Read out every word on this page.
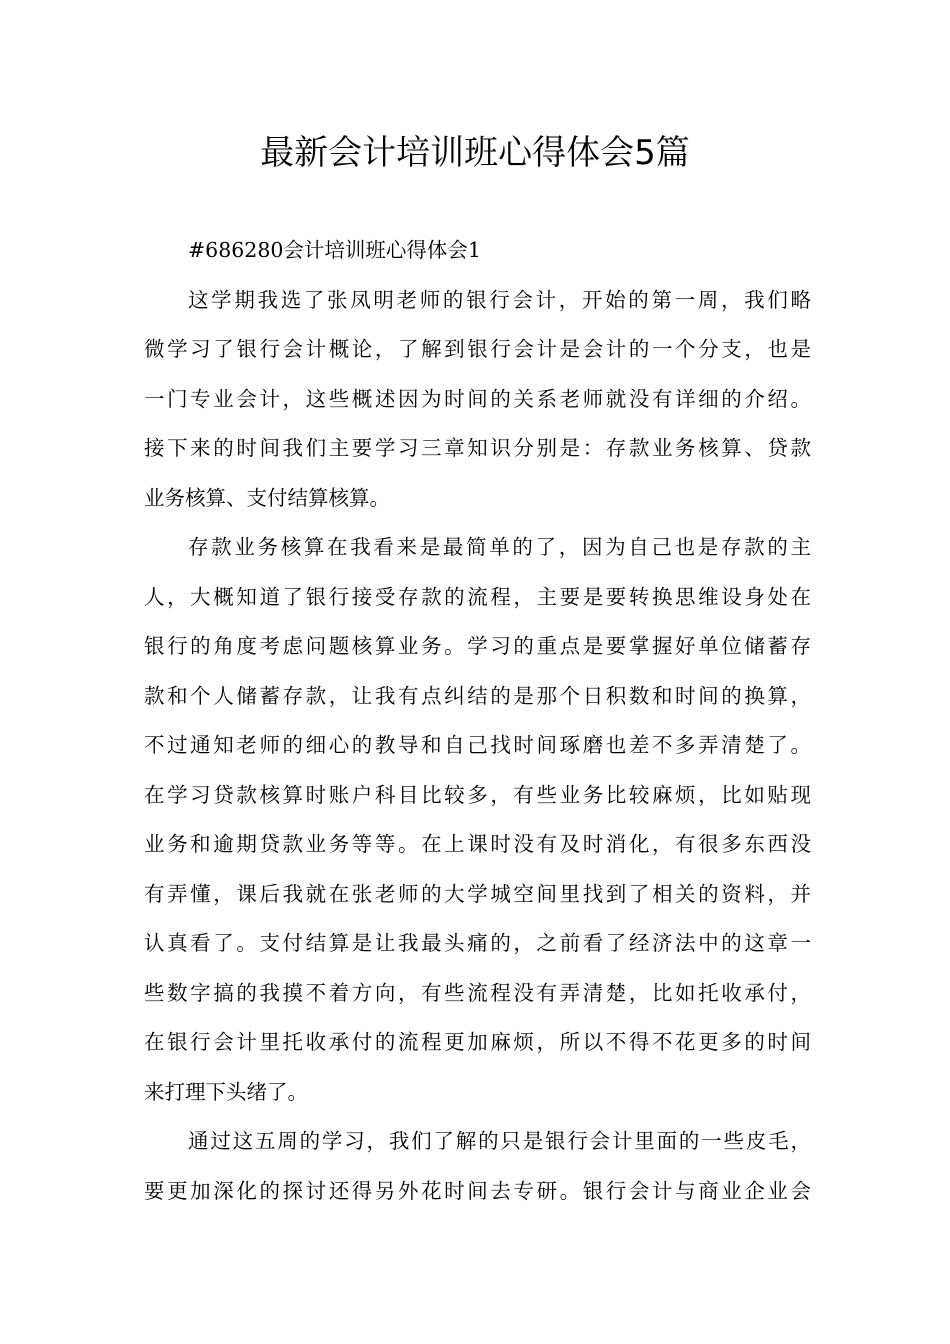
最新会计培训班心得体会5篇

#686280会计培训班心得体会1

这学期我选了张凤明老师的银行会计，开始的第一周，我们略
微学习了银行会计概论，了解到银行会计是会计的一个分支，也是
一门专业会计，这些概述因为时间的关系老师就没有详细的介绍。
接下来的时间我们主要学习三章知识分别是：存款业务核算、贷款
业务核算、支付结算核算。

存款业务核算在我看来是最简单的了，因为自己也是存款的主
人，大概知道了银行接受存款的流程，主要是要转换思维设身处在
银行的角度考虑问题核算业务。学习的重点是要掌握好单位储蓄存
款和个人储蓄存款，让我有点纠结的是那个日积数和时间的换算，
不过通知老师的细心的教导和自己找时间琢磨也差不多弄清楚了。
在学习贷款核算时账户科目比较多，有些业务比较麻烦，比如贴现
业务和逾期贷款业务等等。在上课时没有及时消化，有很多东西没
有弄懂，课后我就在张老师的大学城空间里找到了相关的资料，并
认真看了。支付结算是让我最头痛的，之前看了经济法中的这章一
些数字搞的我摸不着方向，有些流程没有弄清楚，比如托收承付，
在银行会计里托收承付的流程更加麻烦，所以不得不花更多的时间
来打理下头绪了。

通过这五周的学习，我们了解的只是银行会计里面的一些皮毛，
要更加深化的探讨还得另外花时间去专研。银行会计与商业企业会
